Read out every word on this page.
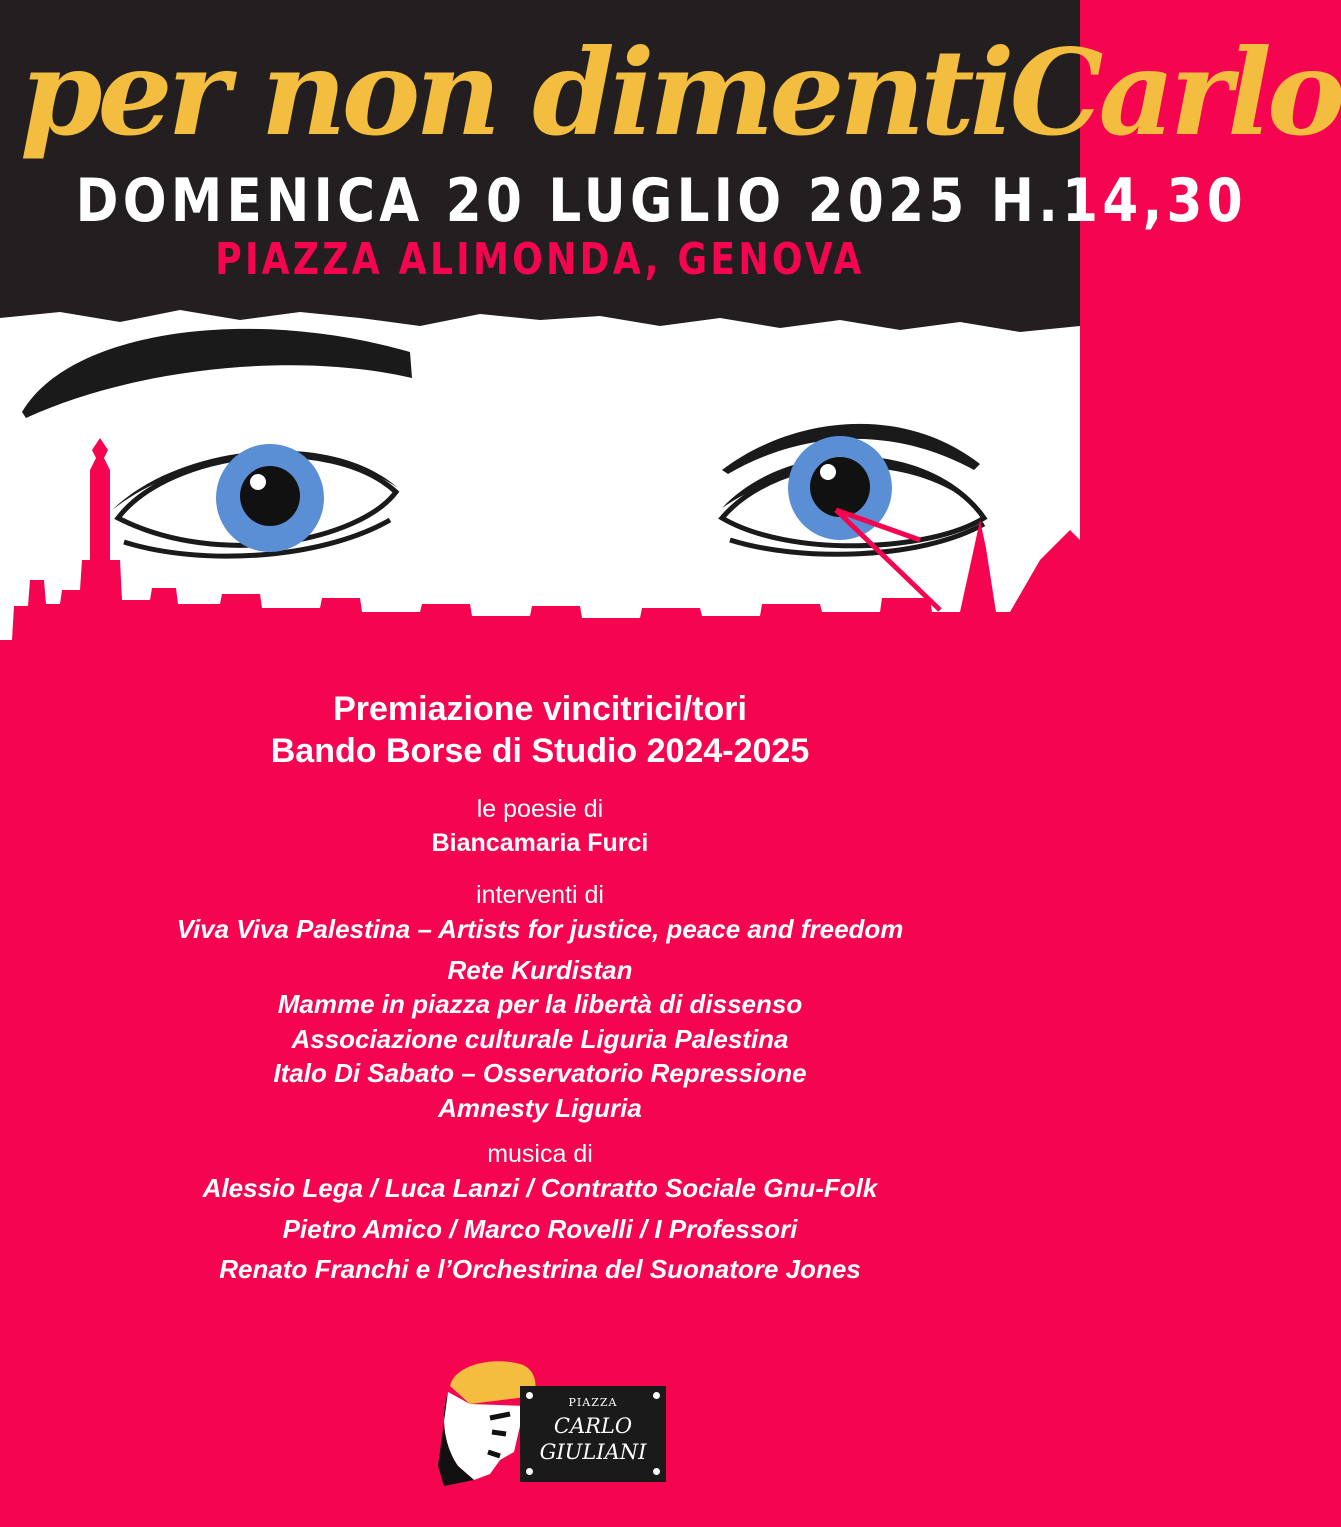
per non dimentiCarlo
DOMENICA 20 LUGLIO 2025 H.14,30
PIAZZA ALIMONDA, GENOVA
Premiazione vincitrici/tori
Bando Borse di Studio 2024-2025
le poesie di
Biancamaria Furci
interventi di
Viva Viva Palestina – Artists for justice, peace and freedom
Rete Kurdistan
Mamme in piazza per la libertà di dissenso
Associazione culturale Liguria Palestina
Italo Di Sabato – Osservatorio Repressione
Amnesty Liguria
musica di
Alessio Lega / Luca Lanzi / Contratto Sociale Gnu-Folk
Pietro Amico / Marco Rovelli / I Professori
Renato Franchi e l’Orchestrina del Suonatore Jones
PIAZZA
CARLO
GIULIANI
